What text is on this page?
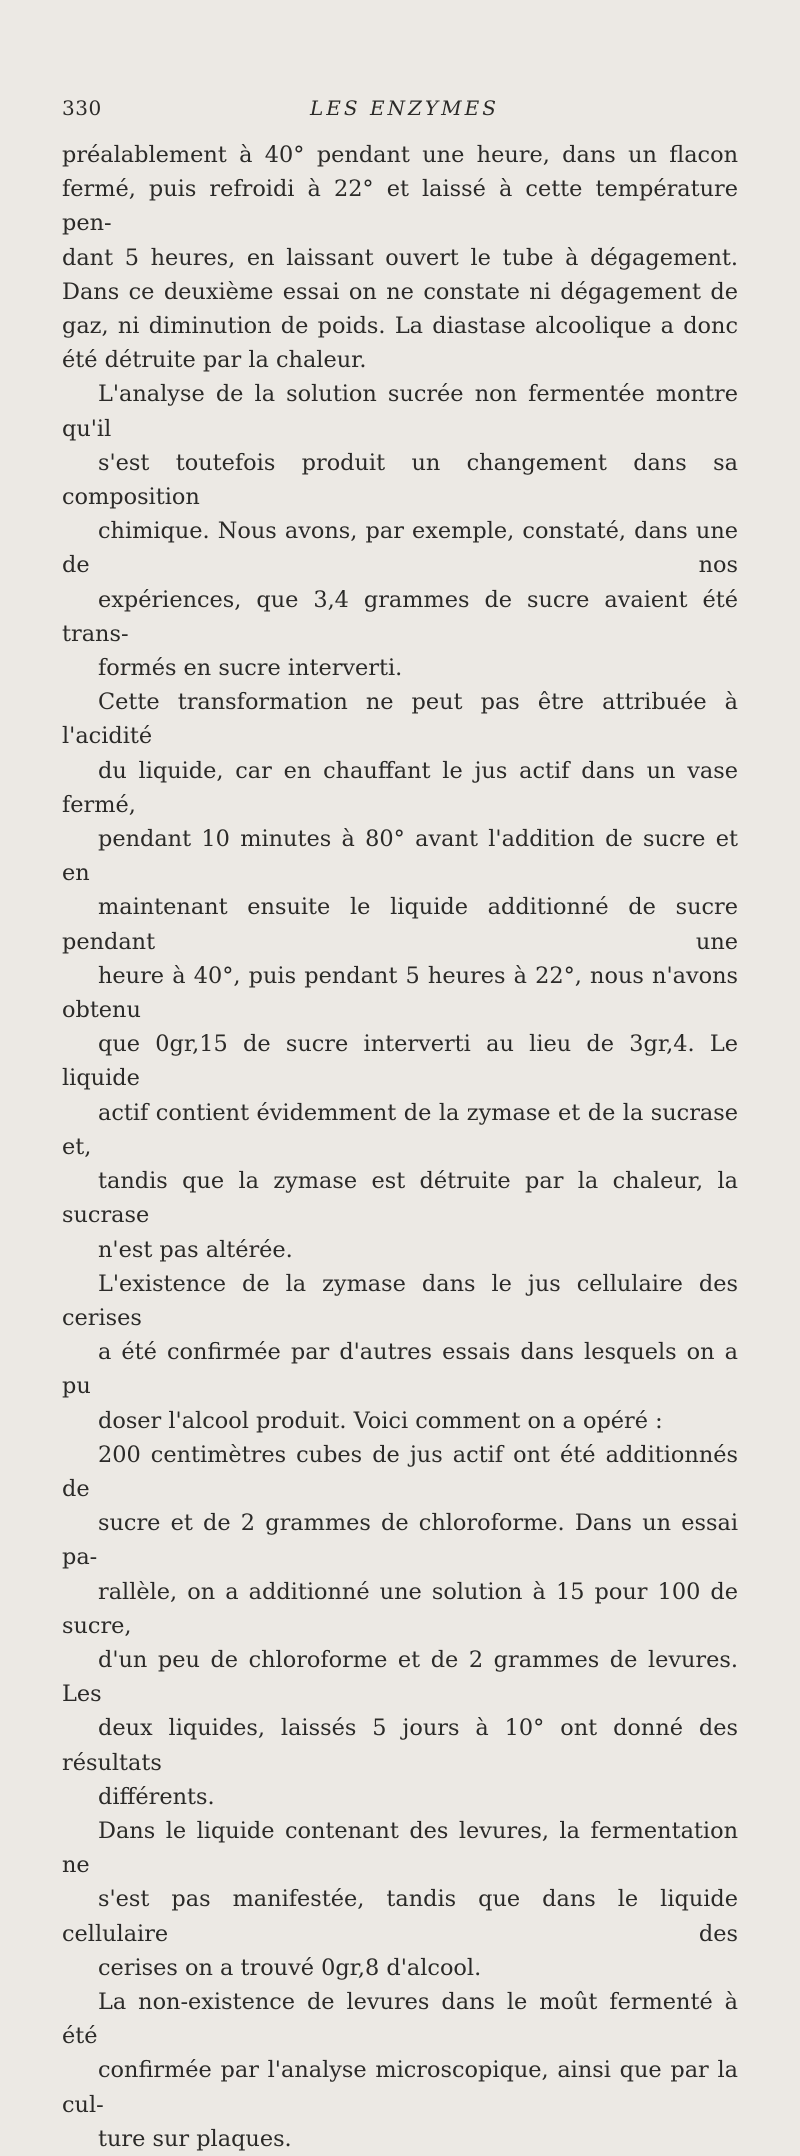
330	LES ENZYMES

préalablement à 40° pendant une heure, dans un flacon
fermé, puis refroidi à 22° et laissé à cette température pen-
dant 5 heures, en laissant ouvert le tube à dégagement.
Dans ce deuxième essai on ne constate ni dégagement de
gaz, ni diminution de poids. La diastase alcoolique a donc
été détruite par la chaleur.

L'analyse de la solution sucrée non fermentée montre qu'il
s'est toutefois produit un changement dans sa composition
chimique. Nous avons, par exemple, constaté, dans une de nos
expériences, que 3,4 grammes de sucre avaient été trans-
formés en sucre interverti.

Cette transformation ne peut pas être attribuée à l'acidité
du liquide, car en chauffant le jus actif dans un vase fermé,
pendant 10 minutes à 80° avant l'addition de sucre et en
maintenant ensuite le liquide additionné de sucre pendant une
heure à 40°, puis pendant 5 heures à 22°, nous n'avons obtenu
que 0gr,15 de sucre interverti au lieu de 3gr,4. Le liquide
actif contient évidemment de la zymase et de la sucrase et,
tandis que la zymase est détruite par la chaleur, la sucrase
n'est pas altérée.

L'existence de la zymase dans le jus cellulaire des cerises
a été confirmée par d'autres essais dans lesquels on a pu
doser l'alcool produit. Voici comment on a opéré :

200 centimètres cubes de jus actif ont été additionnés de
sucre et de 2 grammes de chloroforme. Dans un essai pa-
rallèle, on a additionné une solution à 15 pour 100 de sucre,
d'un peu de chloroforme et de 2 grammes de levures. Les
deux liquides, laissés 5 jours à 10° ont donné des résultats
différents.

Dans le liquide contenant des levures, la fermentation ne
s'est pas manifestée, tandis que dans le liquide cellulaire des
cerises on a trouvé 0gr,8 d'alcool.

La non-existence de levures dans le moût fermenté à été
confirmée par l'analyse microscopique, ainsi que par la cul-
ture sur plaques.
